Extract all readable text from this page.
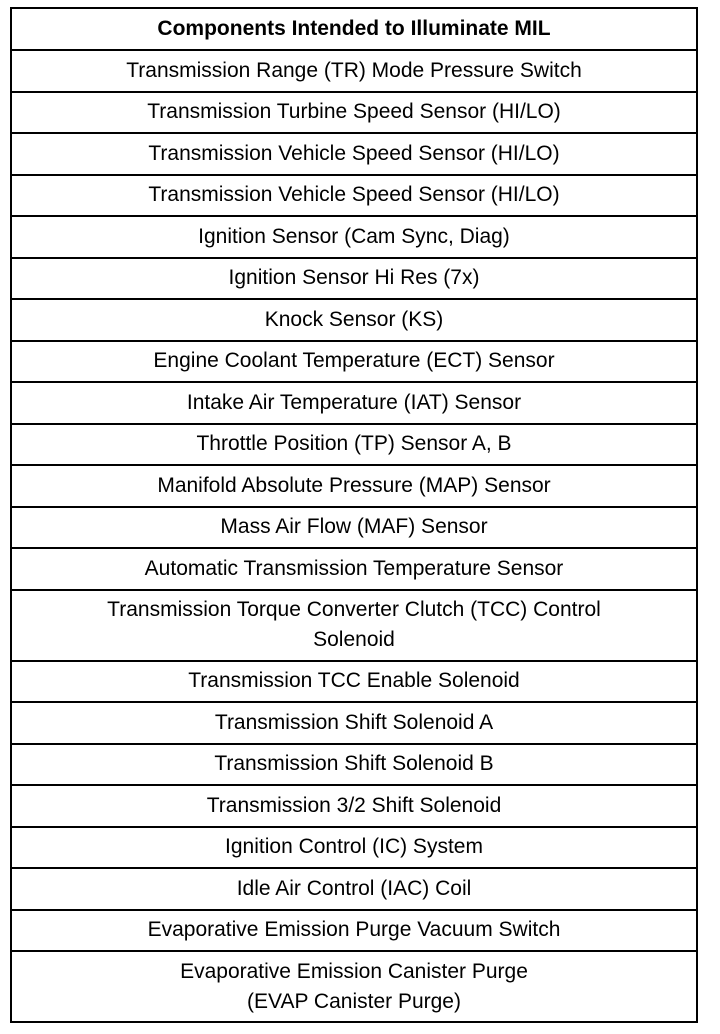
Components Intended to Illuminate MIL
Transmission Range (TR) Mode Pressure Switch
Transmission Turbine Speed Sensor (HI/LO)
Transmission Vehicle Speed Sensor (HI/LO)
Transmission Vehicle Speed Sensor (HI/LO)
Ignition Sensor (Cam Sync, Diag)
Ignition Sensor Hi Res (7x)
Knock Sensor (KS)
Engine Coolant Temperature (ECT) Sensor
Intake Air Temperature (IAT) Sensor
Throttle Position (TP) Sensor A, B
Manifold Absolute Pressure (MAP) Sensor
Mass Air Flow (MAF) Sensor
Automatic Transmission Temperature Sensor
Transmission Torque Converter Clutch (TCC) Control
Solenoid
Transmission TCC Enable Solenoid
Transmission Shift Solenoid A
Transmission Shift Solenoid B
Transmission 3/2 Shift Solenoid
Ignition Control (IC) System
Idle Air Control (IAC) Coil
Evaporative Emission Purge Vacuum Switch
Evaporative Emission Canister Purge
(EVAP Canister Purge)
